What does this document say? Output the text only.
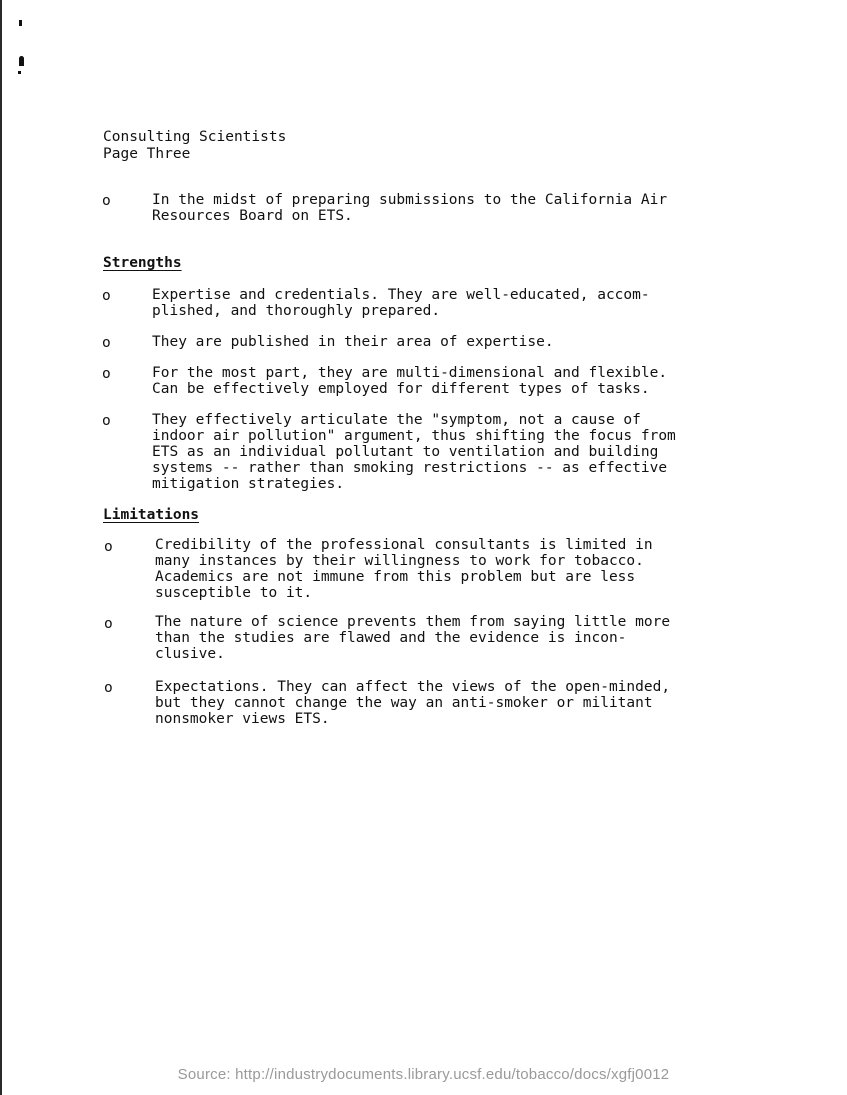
Consulting Scientists

Page Three

o	In the midst of preparing submissions to the California Air
Resources Board on ETS.

Strengths

o	Expertise and credentials. They are well-educated, accom-
plished, and thoroughly prepared.

o	They are published in their area of expertise.

o	For the most part, they are multi-dimensional and flexible.
Can be effectively employed for different types of tasks.

o	They effectively articulate the "symptom, not a cause of
indoor air pollution" argument, thus shifting the focus from
ETS as an individual pollutant to ventilation and building
systems -- rather than smoking restrictions -- as effective
mitigation strategies.

Limitations

o	Credibility of the professional consultants is limited in
many instances by their willingness to work for tobacco.
Academics are not immune from this problem but are less
susceptible to it.

o	The nature of science prevents them from saying little more
than the studies are flawed and the evidence is incon-
clusive.

o	Expectations. They can affect the views of the open-minded,
but they cannot change the way an anti-smoker or militant
nonsmoker views ETS.

Source: http://industrydocuments.library.ucsf.edu/tobacco/docs/xgfj0012
